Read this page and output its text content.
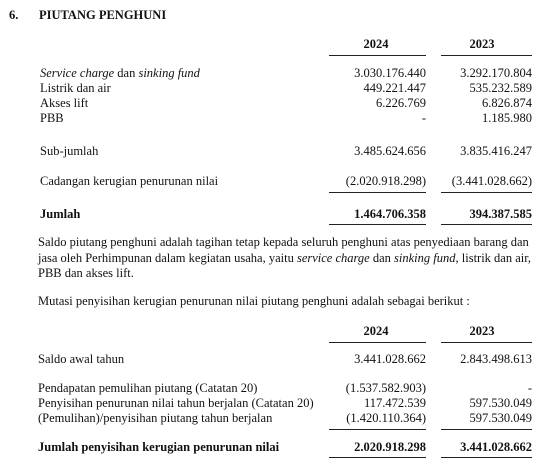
6. PIUTANG PENGHUNI
2024	2023
Service charge dan sinking fund	3.030.176.440	3.292.170.804
Listrik dan air	449.221.447	535.232.589
Akses lift	6.226.769	6.826.874
PBB	-	1.185.980
Sub-jumlah	3.485.624.656	3.835.416.247
Cadangan kerugian penurunan nilai	(2.020.918.298) (3.441.028.662)
Jumlah	1.464.706.358	394.387.585
Saldo piutang penghuni adalah tagihan tetap kepada seluruh penghuni atas penyediaan barang dan jasa oleh Perhimpunan dalam kegiatan usaha, yaitu service charge dan sinking fund, listrik dan air, PBB dan akses lift.
Mutasi penyisihan kerugian penurunan nilai piutang penghuni adalah sebagai berikut :
2024	2023
Saldo awal tahun	3.441.028.662	2.843.498.613
Pendapatan pemulihan piutang (Catatan 20)	(1.537.582.903)	-
Penyisihan penurunan nilai tahun berjalan (Catatan 20)	117.472.539	597.530.049
(Pemulihan)/penyisihan piutang tahun berjalan	(1.420.110.364)	597.530.049
Jumlah penyisihan kerugian penurunan nilai	2.020.918.298	3.441.028.662
